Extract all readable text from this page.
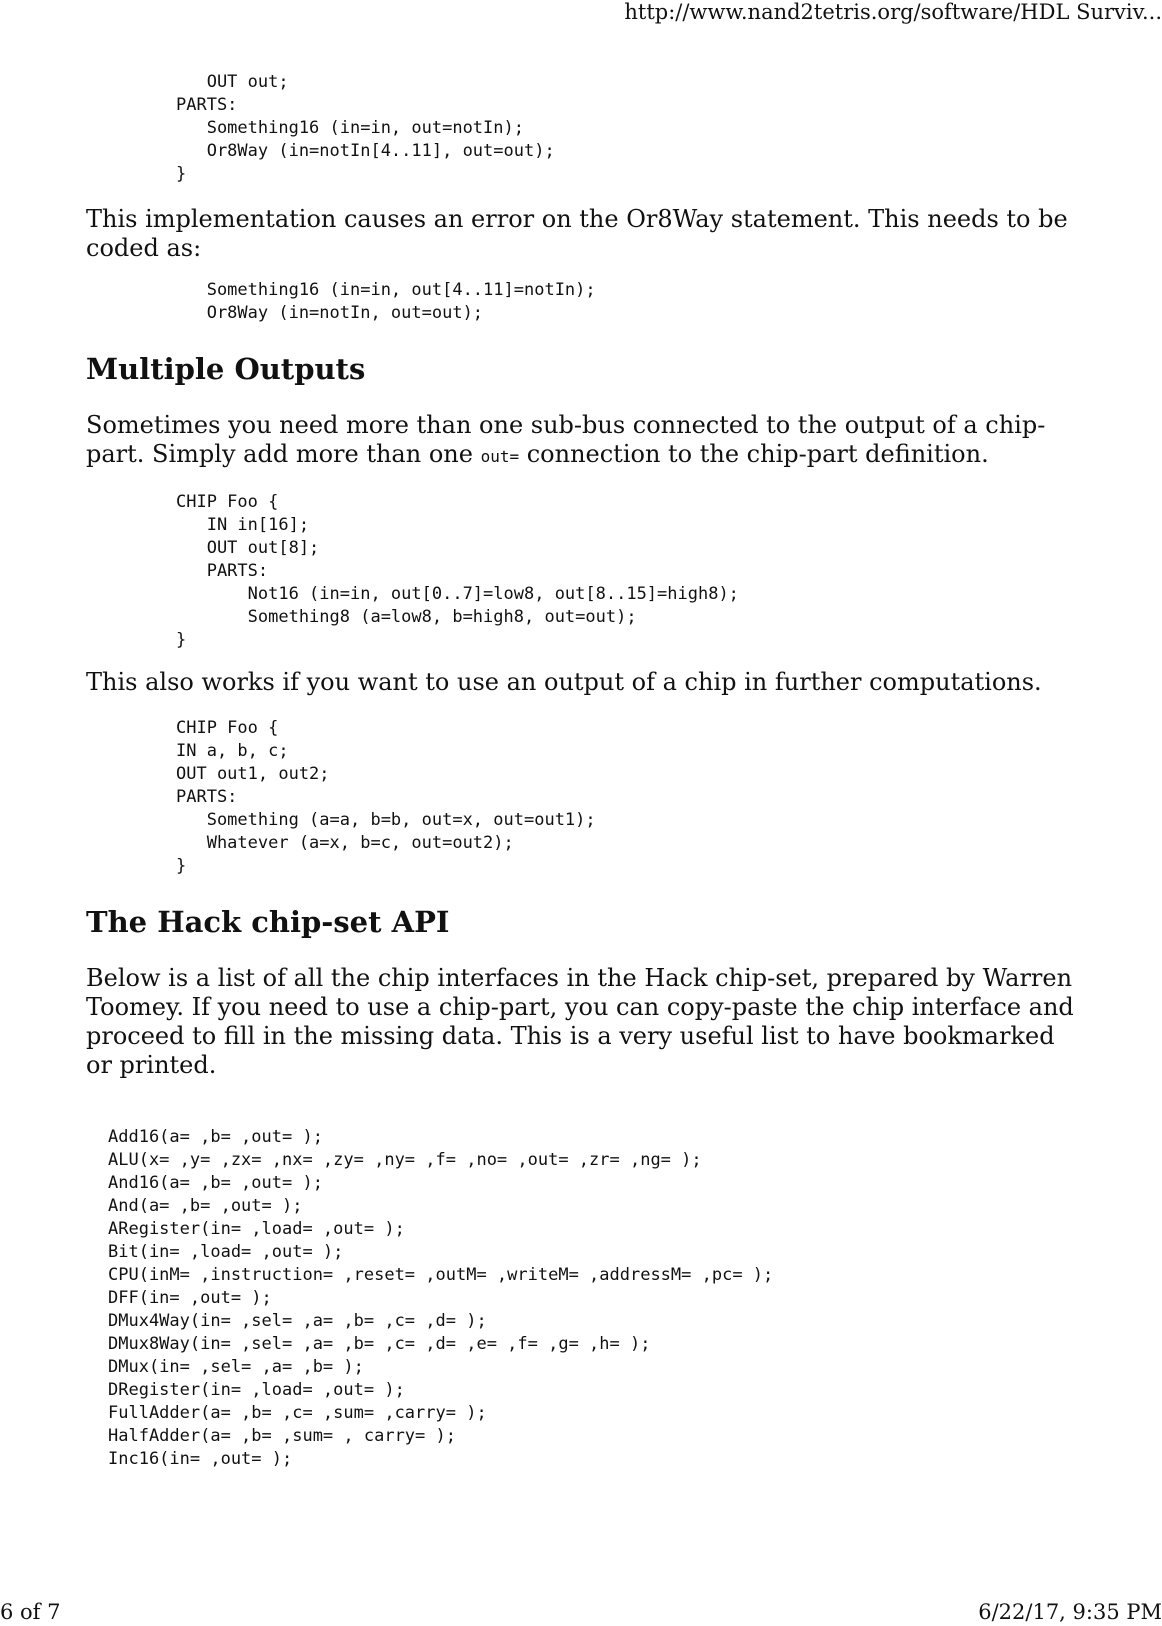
http://www.nand2tetris.org/software/HDL Surviv...
OUT out;
PARTS:
Something16 (in=in, out=notIn);
Or8Way (in=notIn[4..11], out=out);
}

This implementation causes an error on the Or8Way statement. This needs to be coded as:

Something16 (in=in, out[4..11]=notIn);
Or8Way (in=notIn, out=out);
Multiple Outputs

Sometimes you need more than one sub-bus connected to the output of a chip-part. Simply add more than one out= connection to the chip-part definition.

CHIP Foo {
IN in[16];
OUT out[8];
PARTS:
Not16 (in=in, out[0..7]=low8, out[8..15]=high8);
Something8 (a=low8, b=high8, out=out);
}

This also works if you want to use an output of a chip in further computations.

CHIP Foo {
IN a, b, c;
OUT out1, out2;
PARTS:
Something (a=a, b=b, out=x, out=out1);
Whatever (a=x, b=c, out=out2);
}
The Hack chip-set API

Below is a list of all the chip interfaces in the Hack chip-set, prepared by Warren Toomey. If you need to use a chip-part, you can copy-paste the chip interface and proceed to fill in the missing data. This is a very useful list to have bookmarked or printed.

Add16(a= ,b= ,out= );
ALU(x= ,y= ,zx= ,nx= ,zy= ,ny= ,f= ,no= ,out= ,zr= ,ng= );
And16(a= ,b= ,out= );
And(a= ,b= ,out= );
ARegister(in= ,load= ,out= );
Bit(in= ,load= ,out= );
CPU(inM= ,instruction= ,reset= ,outM= ,writeM= ,addressM= ,pc= );
DFF(in= ,out= );
DMux4Way(in= ,sel= ,a= ,b= ,c= ,d= );
DMux8Way(in= ,sel= ,a= ,b= ,c= ,d= ,e= ,f= ,g= ,h= );
DMux(in= ,sel= ,a= ,b= );
DRegister(in= ,load= ,out= );
FullAdder(a= ,b= ,c= ,sum= ,carry= );
HalfAdder(a= ,b= ,sum= , carry= );
Inc16(in= ,out= );
6 of 7	6/22/17, 9:35 PM
